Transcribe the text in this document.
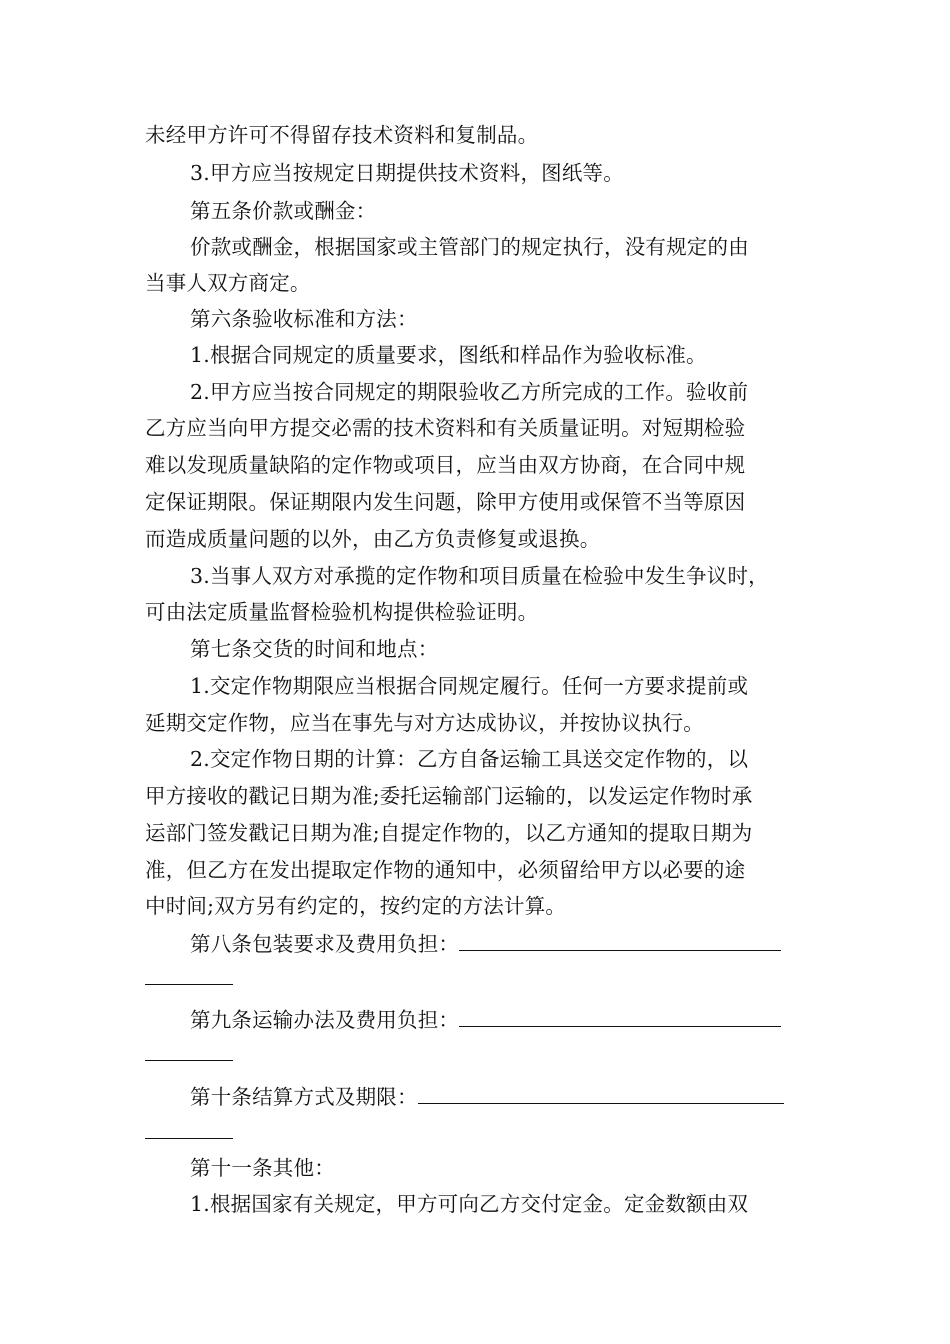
未经甲方许可不得留存技术资料和复制品。
3.甲方应当按规定日期提供技术资料，图纸等。
第五条价款或酬金：
价款或酬金，根据国家或主管部门的规定执行，没有规定的由
当事人双方商定。
第六条验收标准和方法：
1.根据合同规定的质量要求，图纸和样品作为验收标准。
2.甲方应当按合同规定的期限验收乙方所完成的工作。验收前
乙方应当向甲方提交必需的技术资料和有关质量证明。对短期检验
难以发现质量缺陷的定作物或项目，应当由双方协商，在合同中规
定保证期限。保证期限内发生问题，除甲方使用或保管不当等原因
而造成质量问题的以外，由乙方负责修复或退换。
3.当事人双方对承揽的定作物和项目质量在检验中发生争议时，
可由法定质量监督检验机构提供检验证明。
第七条交货的时间和地点：
1.交定作物期限应当根据合同规定履行。任何一方要求提前或
延期交定作物，应当在事先与对方达成协议，并按协议执行。
2.交定作物日期的计算：乙方自备运输工具送交定作物的，以
甲方接收的戳记日期为准;委托运输部门运输的，以发运定作物时承
运部门签发戳记日期为准;自提定作物的，以乙方通知的提取日期为
准，但乙方在发出提取定作物的通知中，必须留给甲方以必要的途
中时间;双方另有约定的，按约定的方法计算。
第八条包装要求及费用负担：
第九条运输办法及费用负担：
第十条结算方式及期限：
第十一条其他：
1.根据国家有关规定，甲方可向乙方交付定金。定金数额由双
